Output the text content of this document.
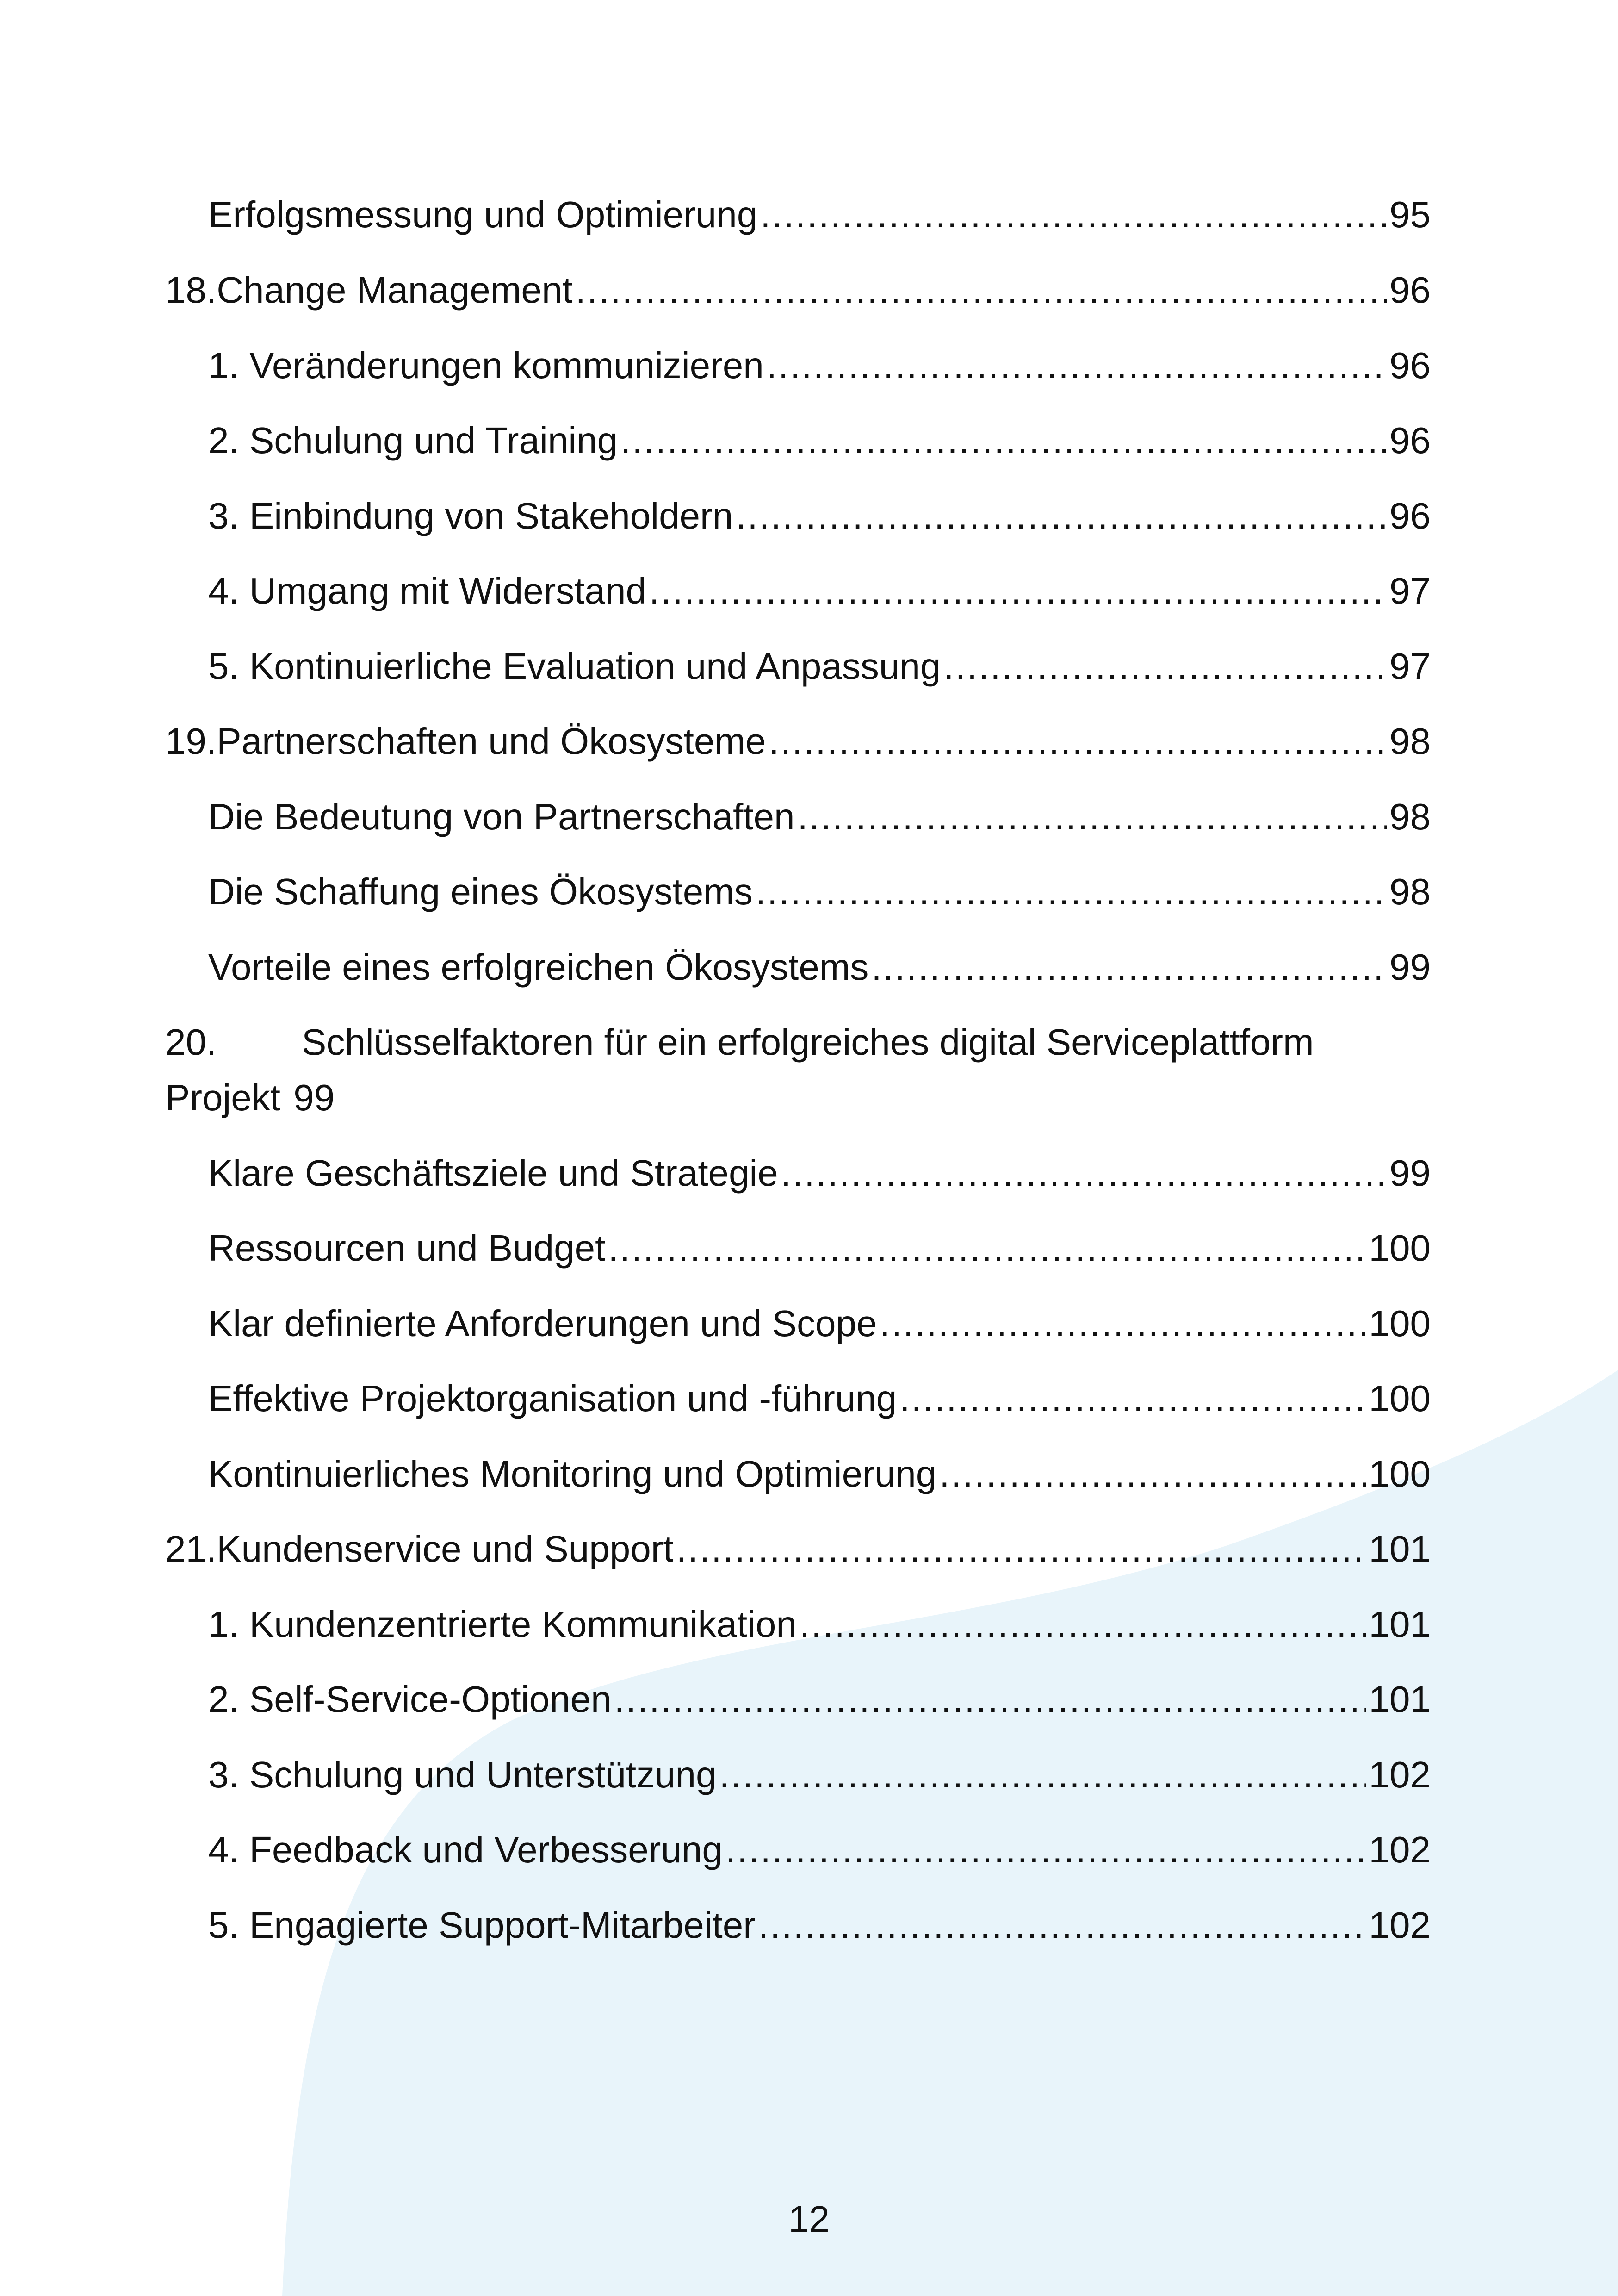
Erfolgsmessung und Optimierung .....	95
18. Change Management .....	96
1. Veränderungen kommunizieren .....	96
2. Schulung und Training .....	96
3. Einbindung von Stakeholdern .....	96
4. Umgang mit Widerstand .....	97
5. Kontinuierliche Evaluation und Anpassung .....	97
19. Partnerschaften und Ökosysteme .....	98
Die Bedeutung von Partnerschaften .....	98
Die Schaffung eines Ökosystems .....	98
Vorteile eines erfolgreichen Ökosystems .....	99
20. Schlüsselfaktoren für ein erfolgreiches digital Serviceplattform
Projekt 99
Klare Geschäftsziele und Strategie .....	99
Ressourcen und Budget .....	100
Klar definierte Anforderungen und Scope .....	100
Effektive Projektorganisation und -führung .....	100
Kontinuierliches Monitoring und Optimierung .....	100
21. Kundenservice und Support .....	101
1. Kundenzentrierte Kommunikation .....	101
2. Self-Service-Optionen .....	101
3. Schulung und Unterstützung .....	102
4. Feedback und Verbesserung .....	102
5. Engagierte Support-Mitarbeiter .....	102
12
